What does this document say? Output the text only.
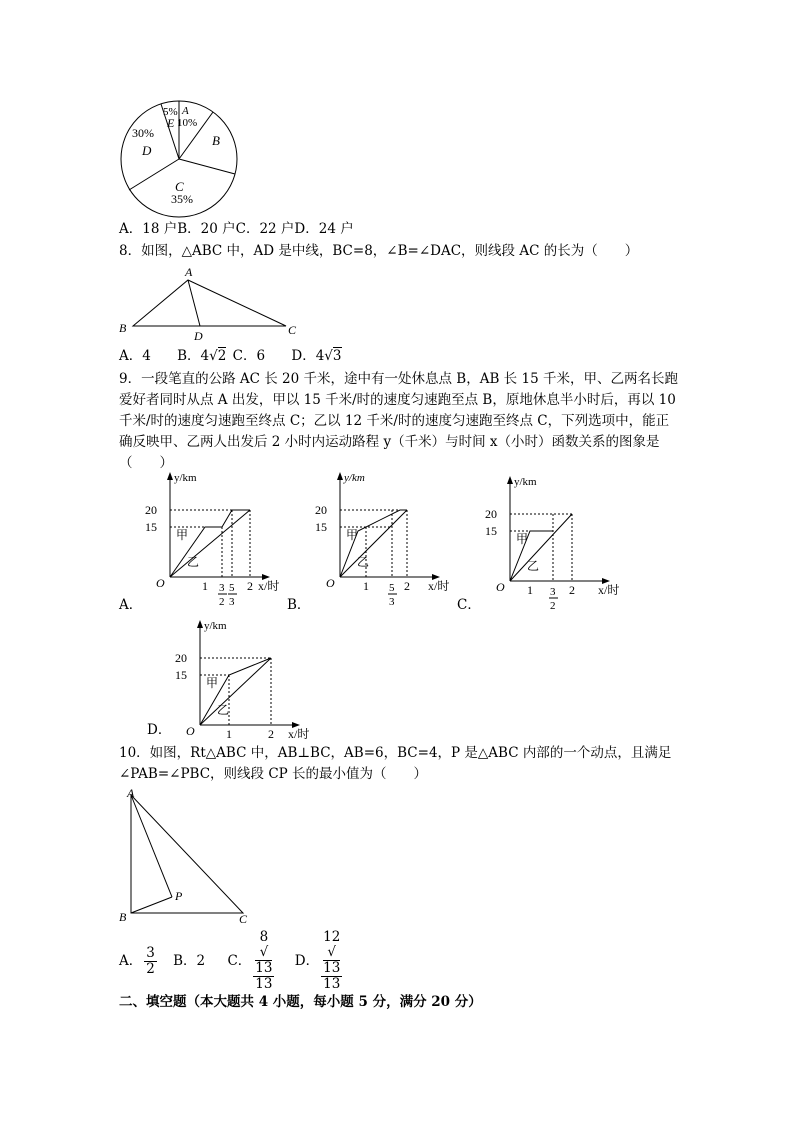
5% A
E 10%
B
30%
D
C
35%
A．18 户B．20 户C．22 户D．24 户
8．如图，△ABC 中，AD 是中线，BC=8，∠B=∠DAC，则线段 AC 的长为（　　）
A
B
D	C
A．4 B．4√2 C．6 D．4√3
9．一段笔直的公路 AC 长 20 千米，途中有一处休息点 B，AB 长 15 千米，甲、乙两名长跑
爱好者同时从点 A 出发，甲以 15 千米/时的速度匀速跑至点 B，原地休息半小时后，再以 10
千米/时的速度匀速跑至终点 C；乙以 12 千米/时的速度匀速跑至终点 C，下列选项中，能正
确反映甲、乙两人出发后 2 小时内运动路程 y（千米）与时间 x（小时）函数关系的图象是
（　　）
y/km
20
15
O	x/时
1	2
甲
乙
3
2
5
3
y/km
20
15
O	x/时
1	2
甲
乙
5
3
y/km
20
15
O	x/时
1	2
甲
乙
3
2
y/km
20
15
O	x/时
1	2
甲
乙
A．	B．	C．
D．
10．如图，Rt△ABC 中，AB⊥BC，AB=6，BC=4，P 是△ABC 内部的一个动点，且满足
∠PAB=∠PBC，则线段 CP 长的最小值为（　　）
A
B	C
P
A． $\frac{3}{2}$ B．2 C． 8
√
13
13 D． 12
√
13
13
二、填空题（本大题共 4 小题，每小题 5 分，满分 20 分）
